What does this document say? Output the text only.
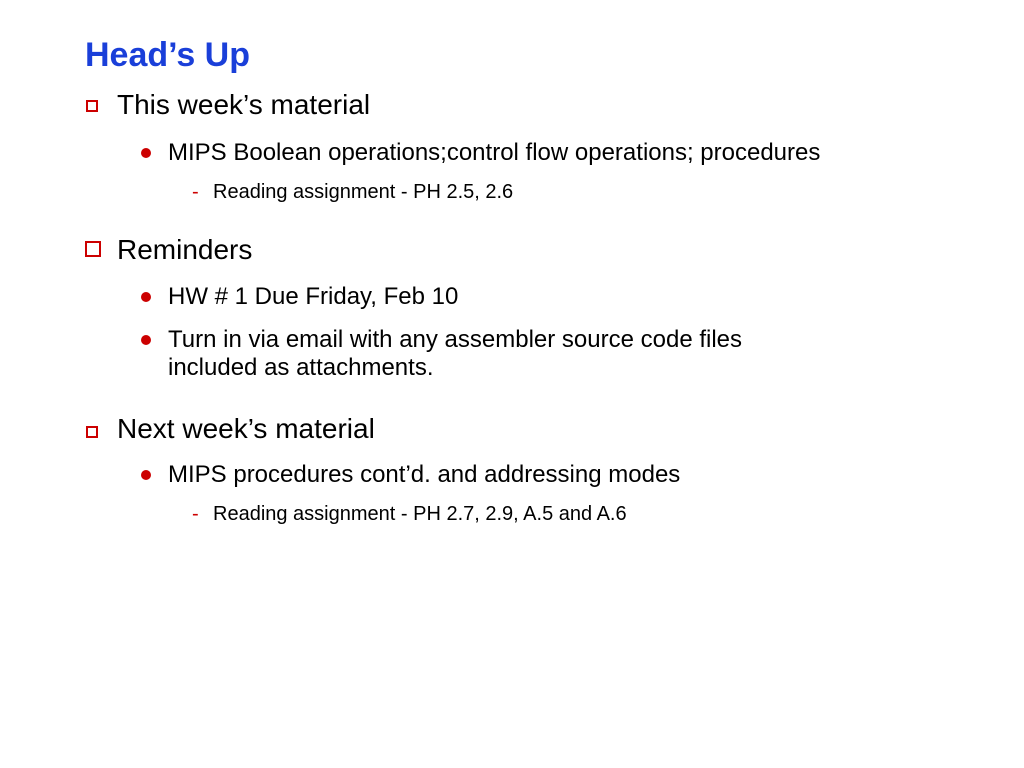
Head’s Up
This week’s material
MIPS Boolean operations;control flow operations; procedures
- Reading assignment - PH 2.5, 2.6
Reminders
HW # 1 Due Friday, Feb 10
Turn in via email with any assembler source code files
included as attachments.
Next week’s material
MIPS procedures cont’d. and addressing modes
- Reading assignment - PH 2.7, 2.9, A.5 and A.6
